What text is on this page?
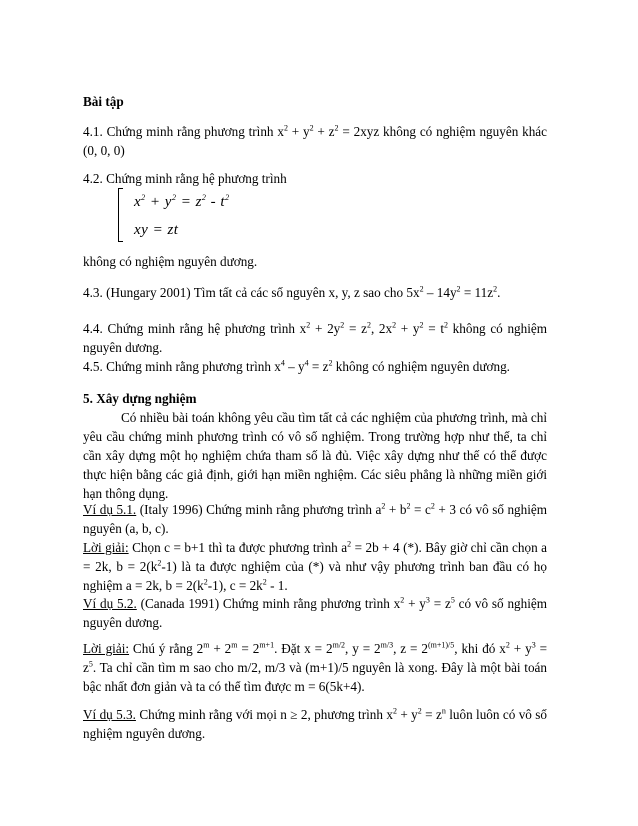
Bài tập
4.1. Chứng minh rằng phương trình $x^2 + y^2 + z^2 = 2xyz$ không có nghiệm nguyên khác (0, 0, 0)
4.2. Chứng minh rằng hệ phương trình
$x^2 + y^2 = z^2 - t^2$
xy = zt
không có nghiệm nguyên dương.
4.3. (Hungary 2001) Tìm tất cả các số nguyên x, y, z sao cho $5x^2 - 14y^2 = 11z^2$.
4.4. Chứng minh rằng hệ phương trình $x^2 + 2y^2 = z^2$, $2x^2 + y^2 = t^2$ không có nghiệm nguyên dương.
4.5. Chứng minh rằng phương trình $x^4 - y^4 = z^2$ không có nghiệm nguyên dương.
5. Xây dựng nghiệm
Có nhiều bài toán không yêu cầu tìm tất cả các nghiệm của phương trình, mà chỉ yêu cầu chứng minh phương trình có vô số nghiệm. Trong trường hợp như thế, ta chỉ cần xây dựng một họ nghiệm chứa tham số là đủ. Việc xây dựng như thế có thể được thực hiện bằng các giả định, giới hạn miền nghiệm. Các siêu phẳng là những miền giới hạn thông dụng.

Ví dụ 5.1. (Italy 1996) Chứng minh rằng phương trình $a^2 + b^2 = c^2 + 3$ có vô số nghiệm nguyên (a, b, c).

Lời giải: Chọn c = b+1 thì ta được phương trình $a^2 = 2b + 4$ (*). Bây giờ chỉ cần chọn a = 2k, $b = 2(k^2-1)$ là ta được nghiệm của (*) và như vậy phương trình ban đầu có họ nghiệm a = 2k, $b = 2(k^2-1)$, $c = 2k^2 - 1$.

Ví dụ 5.2. (Canada 1991) Chứng minh rằng phương trình $x^2 + y^3 = z^5$ có vô số nghiệm nguyên dương.

Lời giải: Chú ý rằng $2^m + 2^m = 2^{m+1}$. Đặt $x = 2^{m/2}$, $y = 2^{m/3}$, $z = 2^{(m+1)/5}$, khi đó $x^2 + y^3 = z^5$. Ta chỉ cần tìm m sao cho m/2, m/3 và (m+1)/5 nguyên là xong. Đây là một bài toán bậc nhất đơn giản và ta có thể tìm được m = 6(5k+4).

Ví dụ 5.3. Chứng minh rằng với mọi n ≥ 2, phương trình $x^2 + y^2 = z^n$ luôn luôn có vô số nghiệm nguyên dương.
